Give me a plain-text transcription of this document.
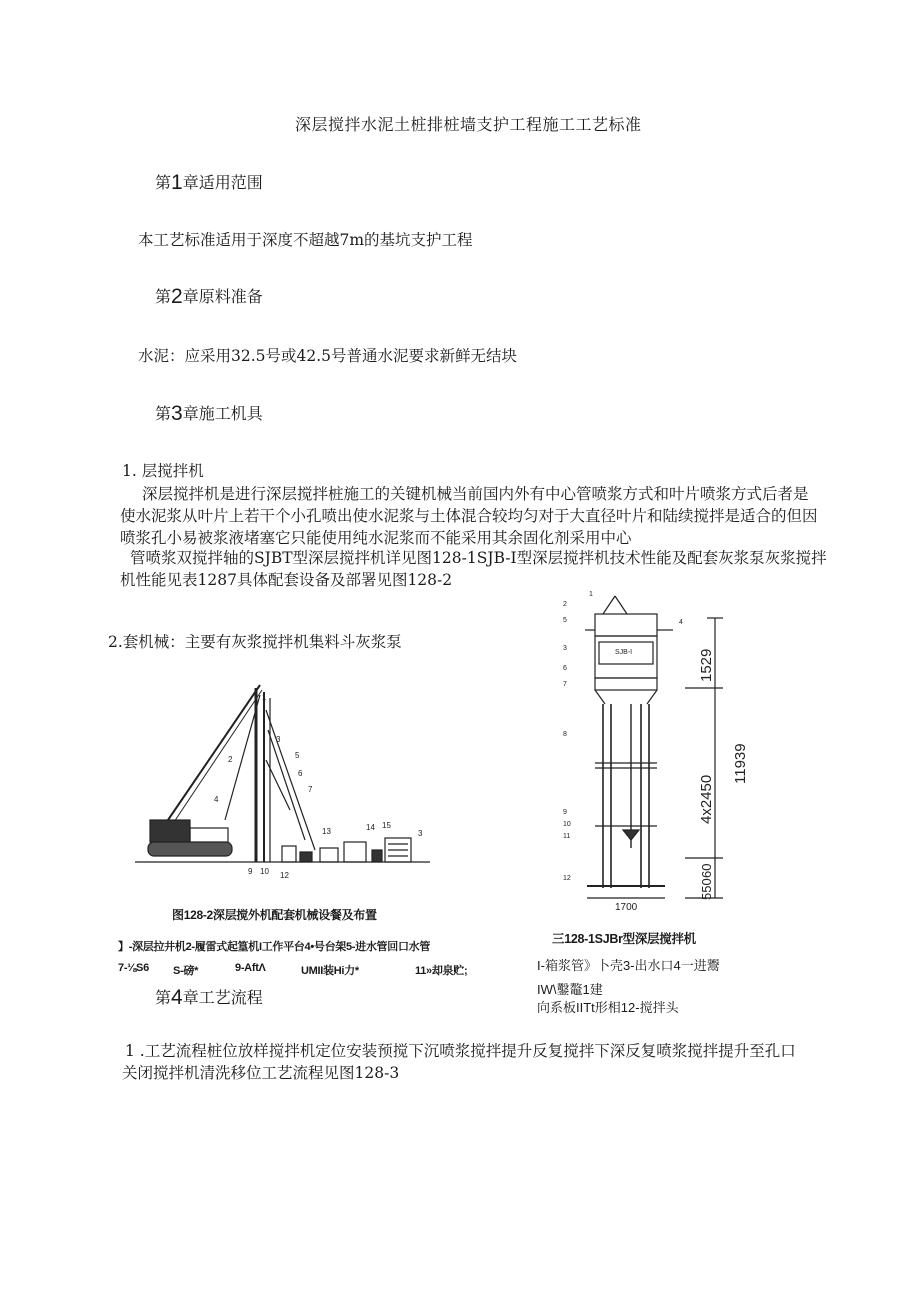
深层搅拌水泥土桩排桩墙支护工程施工工艺标准
第1章适用范围
本工艺标准适用于深度不超越7m的基坑支护工程
第2章原料准备
水泥：应采用32.5号或42.5号普通水泥要求新鲜无结块
第3章施工机具
1. 层搅拌机
深层搅拌机是进行深层搅拌桩施工的关键机械当前国内外有中心管喷浆方式和叶片喷浆方式后者是
使水泥浆从叶片上若干个小孔喷出使水泥浆与土体混合较均匀对于大直径叶片和陆续搅拌是适合的但因
喷浆孔小易被浆液堵塞它只能使用纯水泥浆而不能采用其余固化剂采用中心
管喷浆双搅拌轴的SJBT型深层搅拌机详见图128-1SJB-I型深层搅拌机技术性能及配套灰浆泵灰浆搅拌
机性能见表1287具体配套设备及部署见图128-2
2.套机械：主要有灰浆搅拌机集料斗灰浆泵
1
2
3
4
5
6
7
9 10 12
13	14 15
3
图128-2深层搅外机配套机械设餐及布置
】-深层拉井机2-履雷式起篁机I工作平台4•号台架5-进水管回口水管
7-⅛S6 S-磅*	9-AftΛ	UMII装Hi力*	11»却泉贮;
1529
11939
4x2450
60
550
1700
SJB-I
1
2
3
4
5
6
7
8
9
10
11
12
三128-1SJBr型深层搅拌机
I-箱浆管》卜壳3-出水口4一进鬻
IW\鑿鼇1建
向系板IITt形相12-搅拌头
第4章工艺流程
1 .工艺流程桩位放样搅拌机定位安装预搅下沉喷浆搅拌提升反复搅拌下深反复喷浆搅拌提升至孔口
关闭搅拌机清洗移位工艺流程见图128-3
